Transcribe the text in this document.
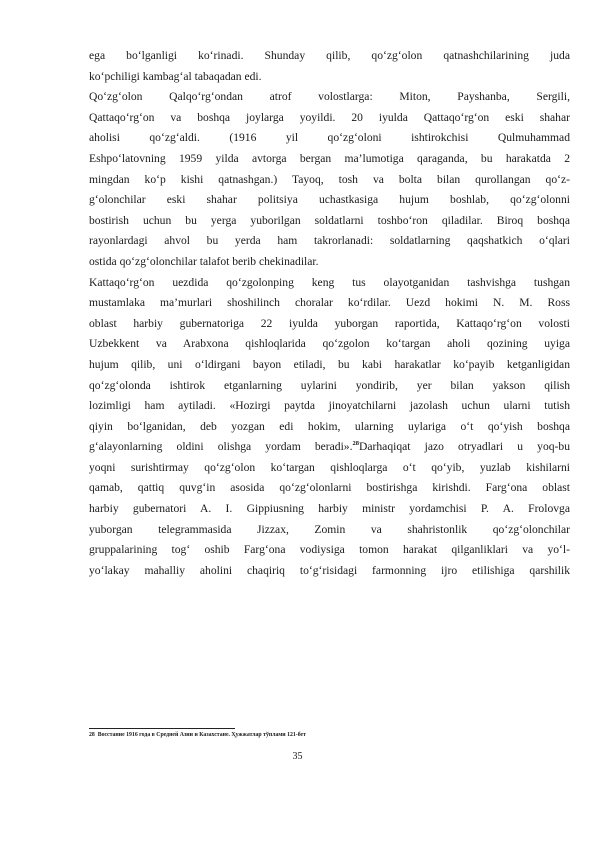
ega bo‘lganligi ko‘rinadi. Shunday qilib, qo‘zg‘olon qatnashchilarining juda
ko‘pchiligi kambag‘al tabaqadan edi.
Qo‘zg‘olon Qalqo‘rg‘ondan atrof volostlarga: Miton, Payshanba, Sergili,
Qattaqo‘rg‘on va boshqa joylarga yoyildi. 20 iyulda Qattaqo‘rg‘on eski shahar
aholisi qo‘zg‘aldi. (1916 yil qo‘zg‘oloni ishtirokchisi Qulmuhammad
Eshpo‘latovning 1959 yilda avtorga bergan ma’lumotiga qaraganda, bu harakatda 2
mingdan ko‘p kishi qatnashgan.) Tayoq, tosh va bolta bilan qurollangan qo‘z-
g‘olonchilar eski shahar politsiya uchastkasiga hujum boshlab, qo‘zg‘olonni
bostirish uchun bu yerga yuborilgan soldatlarni toshbo‘ron qiladilar. Biroq boshqa
rayonlardagi ahvol bu yerda ham takrorlanadi: soldatlarning qaqshatkich o‘qlari
ostida qo‘zg‘olonchilar talafot berib chekinadilar.
Kattaqo‘rg‘on uezdida qo‘zgolonping keng tus olayotganidan tashvishga tushgan
mustamlaka ma’murlari shoshilinch choralar ko‘rdilar. Uezd hokimi N. M. Ross
oblast harbiy gubernatoriga 22 iyulda yuborgan raportida, Kattaqo‘rg‘on volosti
Uzbekkent va Arabxona qishloqlarida qo‘zgolon ko‘targan aholi qozining uyiga
hujum qilib, uni o‘ldirgani bayon etiladi, bu kabi harakatlar ko‘payib ketganligidan
qo‘zg‘olonda ishtirok etganlarning uylarini yondirib, yer bilan yakson qilish
lozimligi ham aytiladi. «Hozirgi paytda jinoyatchilarni jazolash uchun ularni tutish
qiyin bo‘lganidan, deb yozgan edi hokim, ularning uylariga o‘t qo‘yish boshqa
g‘alayonlarning oldini olishga yordam beradi».$^{28}$Darhaqiqat jazo otryadlari u yoq-bu
yoqni surishtirmay qo‘zg‘olon ko‘targan qishloqlarga o‘t qo‘yib, yuzlab kishilarni
qamab, qattiq quvg‘in asosida qo‘zg‘olonlarni bostirishga kirishdi. Farg‘ona oblast
harbiy gubernatori A. I. Gippiusning harbiy ministr yordamchisi P. A. Frolovga
yuborgan telegrammasida Jizzax, Zomin va shahristonlik qo‘zg‘olonchilar
gruppalarining tog‘ oshib Farg‘ona vodiysiga tomon harakat qilganliklari va yo‘l-
yo‘lakay mahalliy aholini chaqiriq to‘g‘risidagi farmonning ijro etilishiga qarshilik
28 Восстание 1916 года в Средней Азии и Казахстане. Ҳужжатлар тўплами 121-бет
35
